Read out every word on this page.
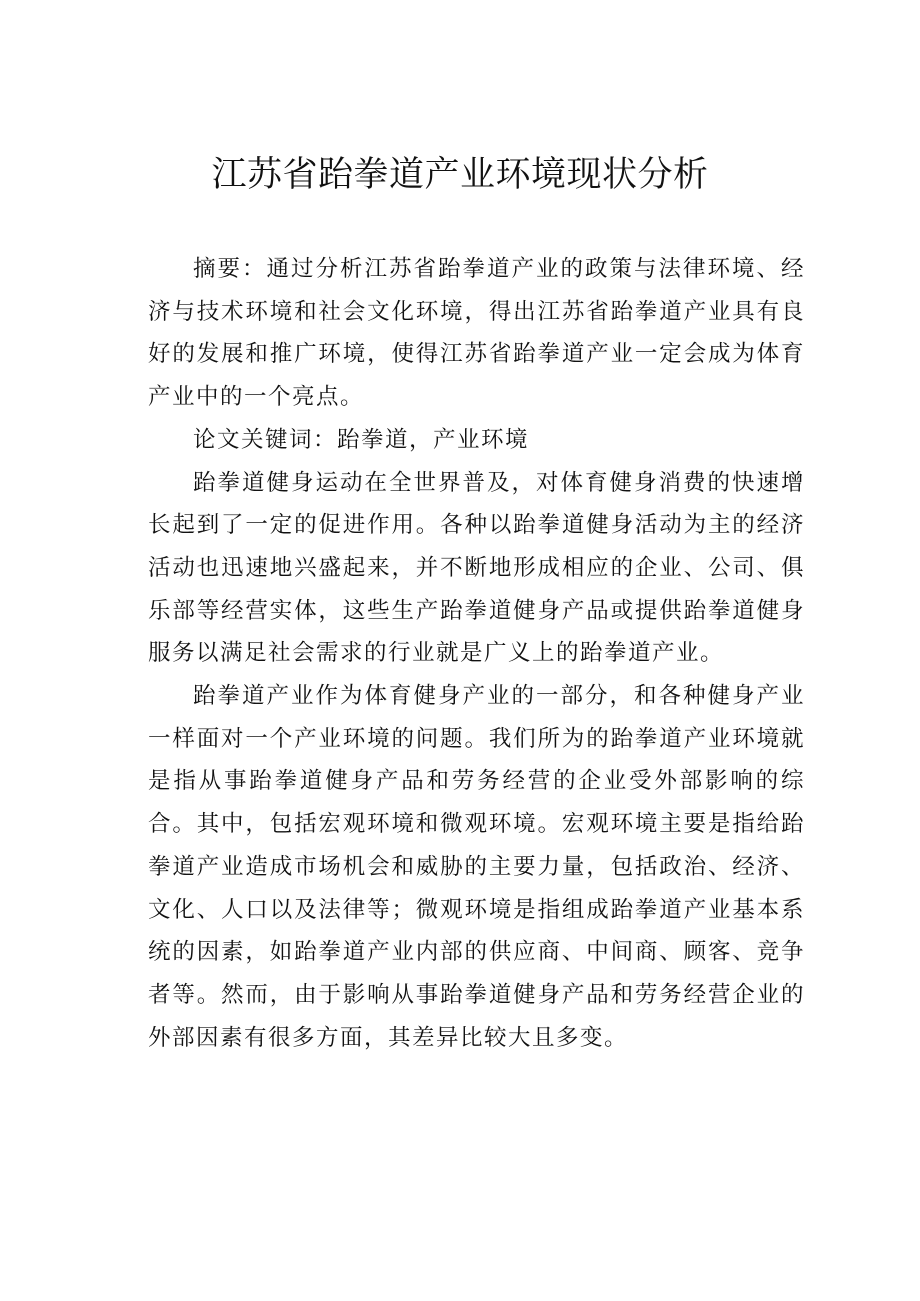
江苏省跆拳道产业环境现状分析

摘要：通过分析江苏省跆拳道产业的政策与法律环境、经济与技术环境和社会文化环境，得出江苏省跆拳道产业具有良好的发展和推广环境，使得江苏省跆拳道产业一定会成为体育产业中的一个亮点。

论文关键词：跆拳道，产业环境

跆拳道健身运动在全世界普及，对体育健身消费的快速增长起到了一定的促进作用。各种以跆拳道健身活动为主的经济活动也迅速地兴盛起来，并不断地形成相应的企业、公司、俱乐部等经营实体，这些生产跆拳道健身产品或提供跆拳道健身服务以满足社会需求的行业就是广义上的跆拳道产业。

跆拳道产业作为体育健身产业的一部分，和各种健身产业一样面对一个产业环境的问题。我们所为的跆拳道产业环境就是指从事跆拳道健身产品和劳务经营的企业受外部影响的综合。其中，包括宏观环境和微观环境。宏观环境主要是指给跆拳道产业造成市场机会和威胁的主要力量，包括政治、经济、文化、人口以及法律等；微观环境是指组成跆拳道产业基本系统的因素，如跆拳道产业内部的供应商、中间商、顾客、竞争者等。然而，由于影响从事跆拳道健身产品和劳务经营企业的外部因素有很多方面，其差异比较大且多变。
